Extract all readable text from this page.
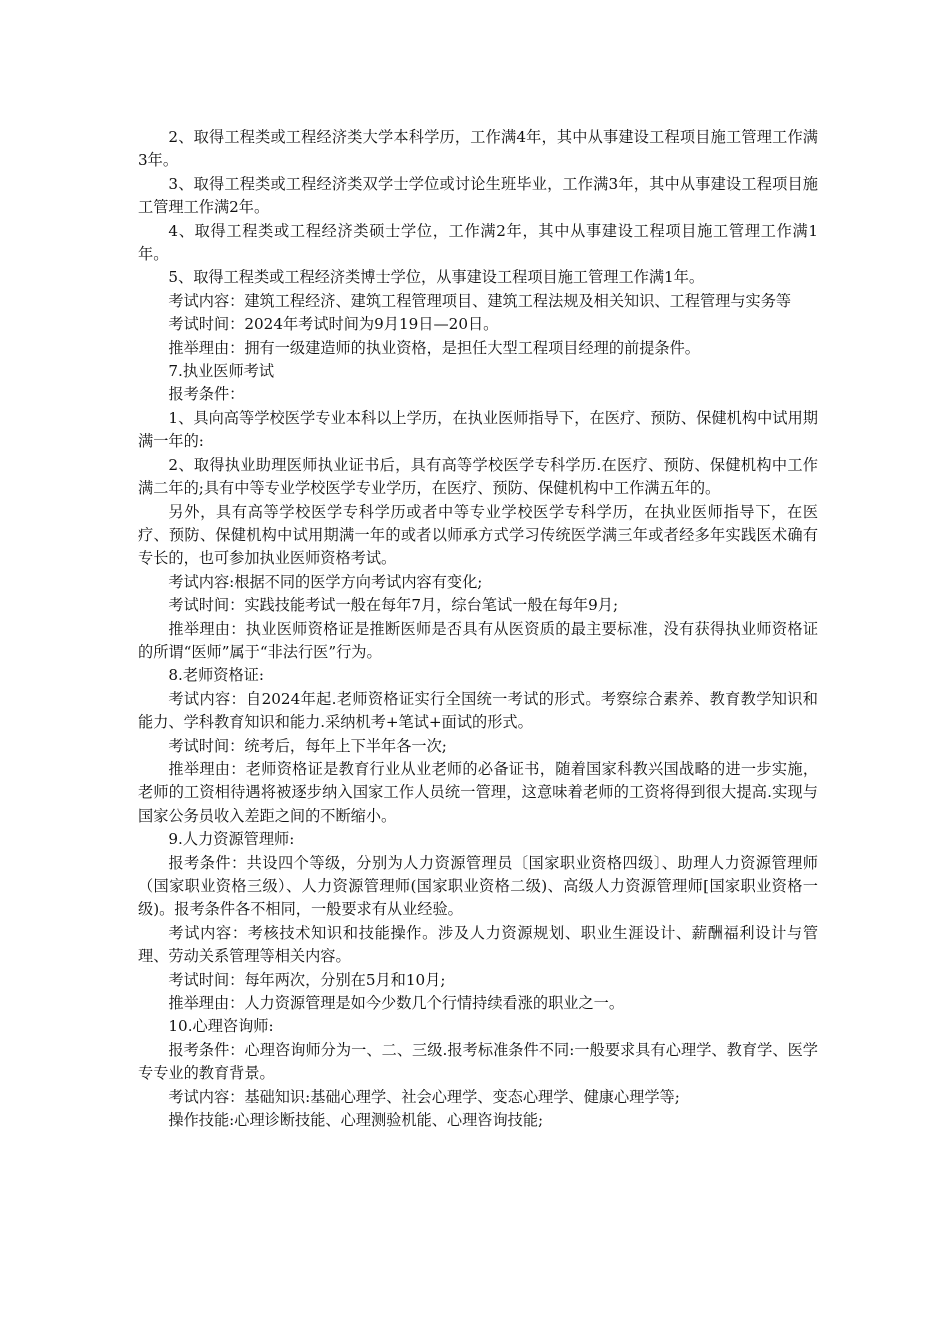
2、取得工程类或工程经济类大学本科学历，工作满4年，其中从事建设工程项目施工管理工作满3年。

3、取得工程类或工程经济类双学士学位或讨论生班毕业，工作满3年，其中从事建设工程项目施工管理工作满2年。

4、取得工程类或工程经济类硕士学位，工作满2年，其中从事建设工程项目施工管理工作满1年。

5、取得工程类或工程经济类博士学位，从事建设工程项目施工管理工作满1年。

考试内容：建筑工程经济、建筑工程管理项目、建筑工程法规及相关知识、工程管理与实务等

考试时间：2024年考试时间为9月19日—20日。

推举理由：拥有一级建造师的执业资格，是担任大型工程项目经理的前提条件。

7.执业医师考试

报考条件：

1、具向高等学校医学专业本科以上学历，在执业医师指导下，在医疗、预防、保健机构中试用期满一年的:

2、取得执业助理医师执业证书后，具有高等学校医学专科学历.在医疗、预防、保健机构中工作满二年的;具有中等专业学校医学专业学历，在医疗、预防、保健机构中工作满五年的。

另外，具有高等学校医学专科学历或者中等专业学校医学专科学历，在执业医师指导下，在医疗、预防、保健机构中试用期满一年的或者以师承方式学习传统医学满三年或者经多年实践医术确有专长的，也可参加执业医师资格考试。

考试内容:根据不同的医学方向考试内容有变化;

考试时间：实践技能考试一般在每年7月，综台笔试一般在每年9月;

推举理由：执业医师资格证是推断医师是否具有从医资质的最主要标准，没有获得执业师资格证的所谓“医师”属于“非法行医”行为。

8.老师资格证:

考试内容：自2024年起.老师资格证实行全国统一考试的形式。考察综合素养、教育教学知识和能力、学科教育知识和能力.采纳机考+笔试+面试的形式。

考试时间：统考后，每年上下半年各一次;

推举理由：老师资格证是教育行业从业老师的必备证书，随着国家科教兴国战略的进一步实施，老师的工资相待遇将被逐步纳入国家工作人员统一管理，这意味着老师的工资将得到很大提高.实现与国家公务员收入差距之间的不断缩小。

9.人力资源管理师:

报考条件：共设四个等级，分别为人力资源管理员〔国家职业资格四级〕、助理人力资源管理师（国家职业资格三级）、人力资源管理师(国家职业资格二级)、高级人力资源管理师[国家职业资格一级)。报考条件各不相同，一般要求有从业经验。

考试内容：考核技术知识和技能操作。涉及人力资源规划、职业生涯设计、薪酬福利设计与管理、劳动关系管理等相关内容。

考试时间：每年两次，分别在5月和10月;

推举理由：人力资源管理是如今少数几个行情持续看涨的职业之一。

10.心理咨询师:

报考条件：心理咨询师分为一、二、三级.报考标准条件不同:一般要求具有心理学、教育学、医学专专业的教育背景。

考试内容：基础知识:基础心理学、社会心理学、变态心理学、健康心理学等;

操作技能:心理诊断技能、心理测验机能、心理咨询技能;
